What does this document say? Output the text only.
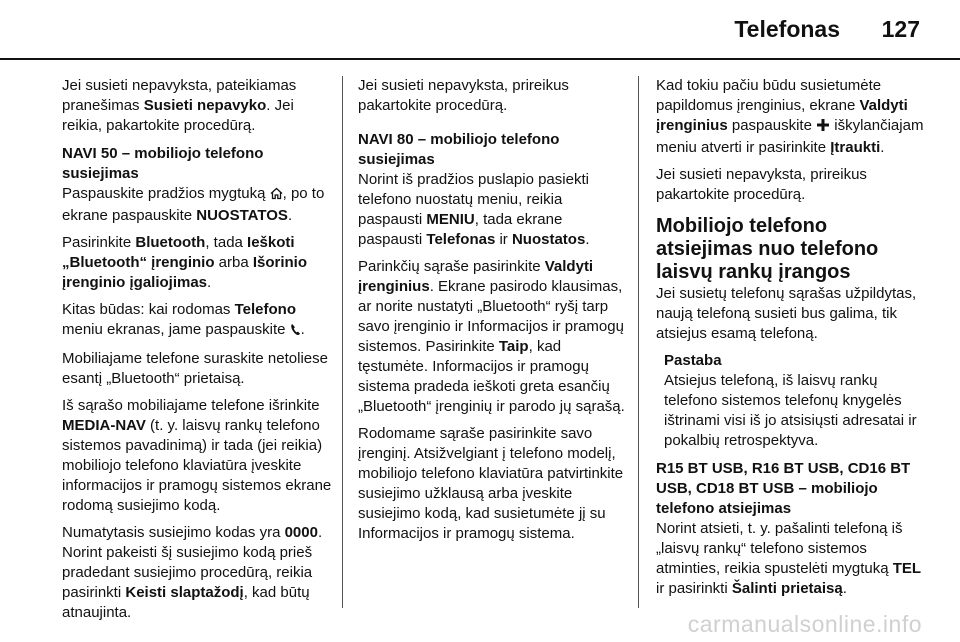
Telefonas 127

Jei susieti nepavyksta, pateikiamas pranešimas Susieti nepavyko. Jei reikia, pakartokite procedūrą.

NAVI 50 – mobiliojo telefono susiejimas

Paspauskite pradžios mygtuką , po to ekrane paspauskite NUOSTATOS.

Pasirinkite Bluetooth, tada Ieškoti „Bluetooth“ įrenginio arba Išorinio įrenginio įgaliojimas.

Kitas būdas: kai rodomas Telefono meniu ekranas, jame paspauskite .

Mobiliajame telefone suraskite netoliese esantį „Bluetooth“ prietaisą.

Iš sąrašo mobiliajame telefone išrinkite MEDIA-NAV (t. y. laisvų rankų telefono sistemos pavadinimą) ir tada (jei reikia) mobiliojo telefono klaviatūra įveskite informacijos ir pramogų sistemos ekrane rodomą susiejimo kodą.

Numatytasis susiejimo kodas yra 0000. Norint pakeisti šį susiejimo kodą prieš pradedant susiejimo procedūrą, reikia pasirinkti Keisti slaptažodį, kad būtų atnaujinta.

Jei susieti nepavyksta, prireikus pakartokite procedūrą.

NAVI 80 – mobiliojo telefono susiejimas

Norint iš pradžios puslapio pasiekti telefono nuostatų meniu, reikia paspausti MENIU, tada ekrane paspausti Telefonas ir Nuostatos.

Parinkčių sąraše pasirinkite Valdyti įrenginius. Ekrane pasirodo klausimas, ar norite nustatyti „Bluetooth“ ryšį tarp savo įrenginio ir Informacijos ir pramogų sistemos. Pasirinkite Taip, kad tęstumėte. Informacijos ir pramogų sistema pradeda ieškoti greta esančių „Bluetooth“ įrenginių ir parodo jų sąrašą.

Rodomame sąraše pasirinkite savo įrenginį. Atsižvelgiant į telefono modelį, mobiliojo telefono klaviatūra patvirtinkite susiejimo užklausą arba įveskite susiejimo kodą, kad susietumėte jį su Informacijos ir pramogų sistema.

Kad tokiu pačiu būdu susietumėte papildomus įrenginius, ekrane Valdyti įrenginius paspauskite  iškylančiajam meniu atverti ir pasirinkite Įtraukti.

Jei susieti nepavyksta, prireikus pakartokite procedūrą.

Mobiliojo telefono atsiejimas nuo telefono laisvų rankų įrangos

Jei susietų telefonų sąrašas užpildytas, naują telefoną susieti bus galima, tik atsiejus esamą telefoną.

Pastaba

Atsiejus telefoną, iš laisvų rankų telefono sistemos telefonų knygelės ištrinami visi iš jo atsisiųsti adresatai ir pokalbių retrospektyva.

R15 BT USB, R16 BT USB, CD16 BT USB, CD18 BT USB – mobiliojo telefono atsiejimas

Norint atsieti, t. y. pašalinti telefoną iš „laisvų rankų“ telefono sistemos atminties, reikia spustelėti mygtuką TEL ir pasirinkti Šalinti prietaisą.

carmanualsonline.info
